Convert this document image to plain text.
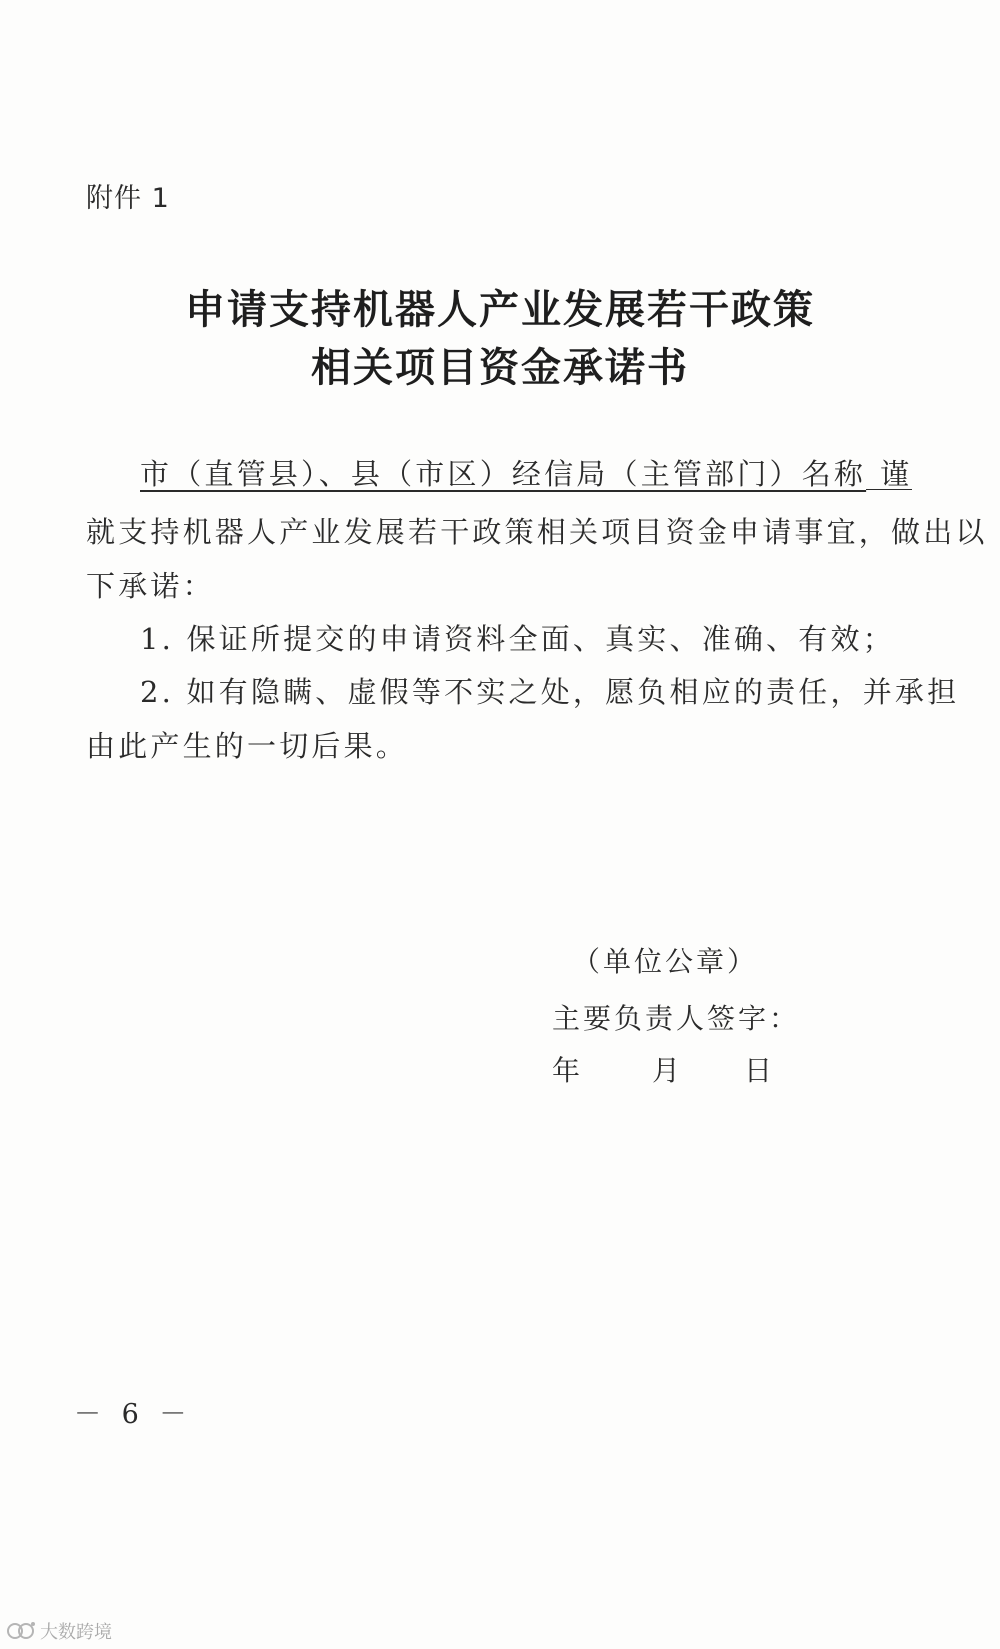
附件 1
申请支持机器人产业发展若干政策
相关项目资金承诺书
市（直管县）、县（市区）经信局（主管部门）名称 谨
就支持机器人产业发展若干政策相关项目资金申请事宜，做出以
下承诺：
1. 保证所提交的申请资料全面、真实、准确、有效；
2. 如有隐瞒、虚假等不实之处，愿负相应的责任，并承担
由此产生的一切后果。
（单位公章）
主要负责人签字：
年 月 日
－ 6 －
大数跨境
